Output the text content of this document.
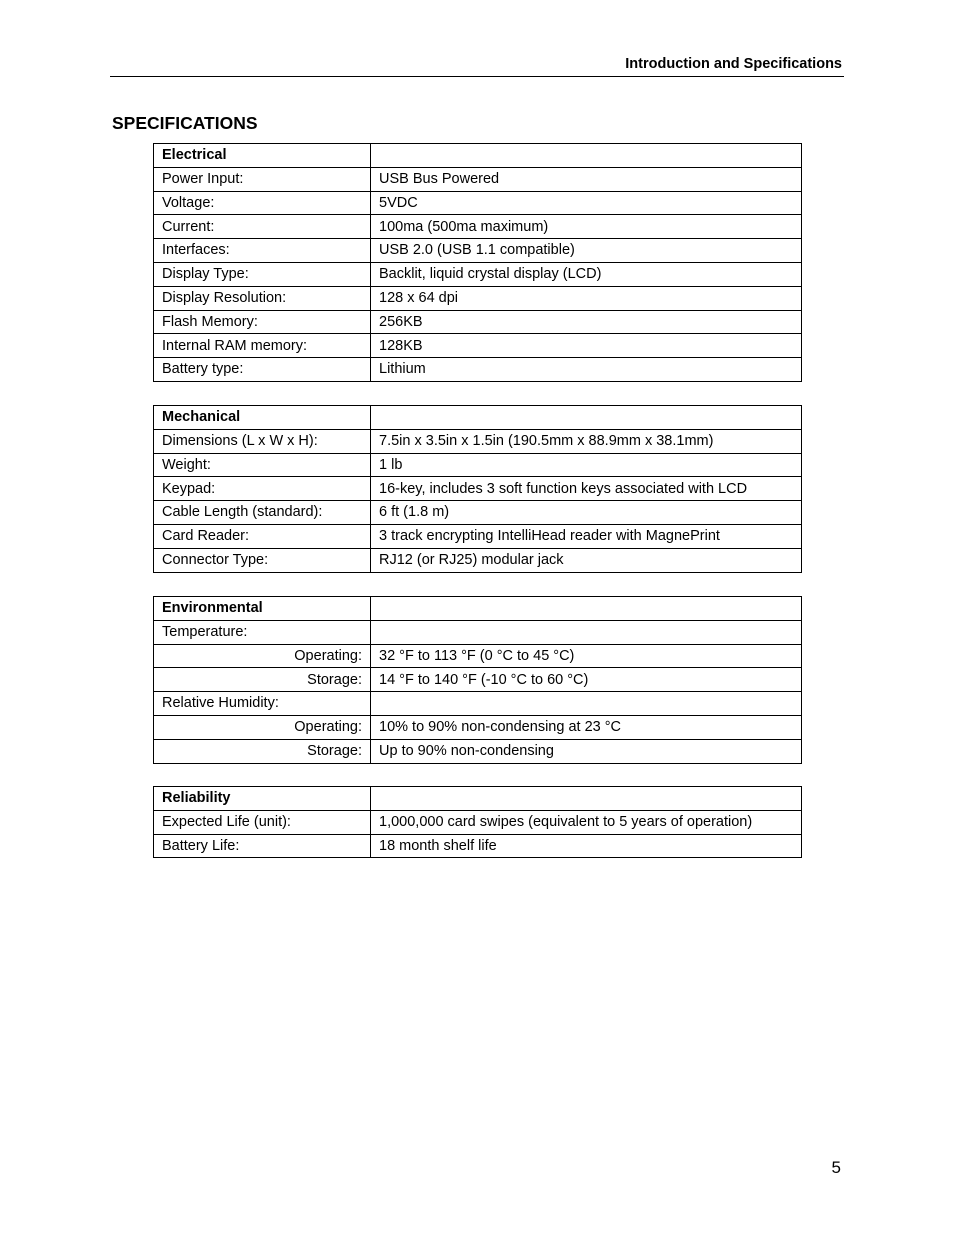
Introduction and Specifications
SPECIFICATIONS
Electrical	
Power Input:	USB Bus Powered
Voltage:	5VDC
Current:	100ma (500ma maximum)
Interfaces:	USB 2.0 (USB 1.1 compatible)
Display Type:	Backlit, liquid crystal display (LCD)
Display Resolution:	128 x 64 dpi
Flash Memory:	256KB
Internal RAM memory:	128KB
Battery type:	Lithium
Mechanical	
Dimensions (L x W x H):	7.5in x 3.5in x 1.5in (190.5mm x 88.9mm x 38.1mm)
Weight:	1 lb
Keypad:	16-key, includes 3 soft function keys associated with LCD
Cable Length (standard):	6 ft (1.8 m)
Card Reader:	3 track encrypting IntelliHead reader with MagnePrint
Connector Type:	RJ12 (or RJ25) modular jack
Environmental	
Temperature:	
Operating:	32 °F to 113 °F (0 °C to 45 °C)
Storage:	14 °F to 140 °F (-10 °C to 60 °C)
Relative Humidity:	
Operating:	10% to 90% non-condensing at 23 °C
Storage:	Up to 90% non-condensing
Reliability	
Expected Life (unit):	1,000,000 card swipes (equivalent to 5 years of operation)
Battery Life:	18 month shelf life
5
